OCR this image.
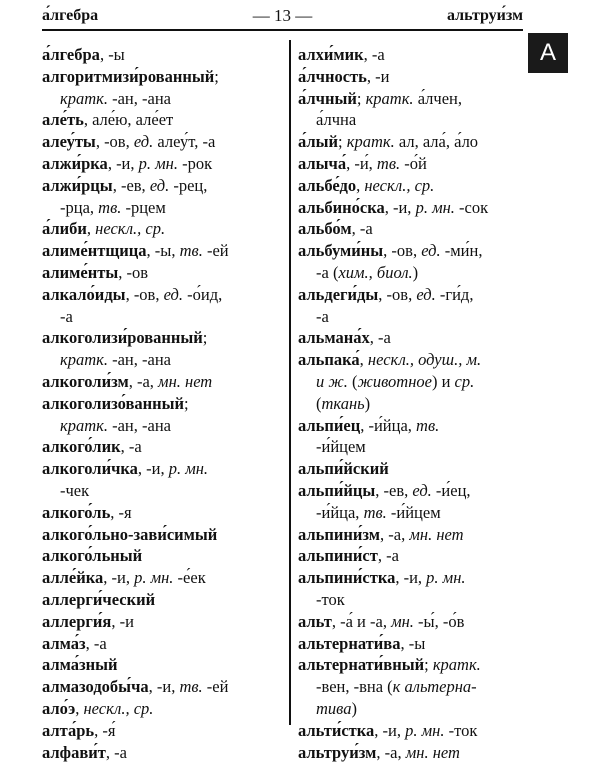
а́лгебра	— 13 —	альтруи́зм
А
а́лгебра, -ы
алгоритмизи́рованный;
кратк. -ан, -ана
але́ть, але́ю, але́ет
алеу́ты, -ов, ед. алеу́т, -а
алжи́рка, -и, р. мн. -рок
алжи́рцы, -ев, ед. -рец,
-рца, тв. -рцем
а́либи, нескл., ср.
алиме́нтщица, -ы, тв. -ей
алиме́нты, -ов
алкало́иды, -ов, ед. -о́ид,
-а
алкоголизи́рованный;
кратк. -ан, -ана
алкоголи́зм, -а, мн. нет
алкоголизо́ванный;
кратк. -ан, -ана
алкого́лик, -а
алкоголи́чка, -и, р. мн.
-чек
алкого́ль, -я
алкого́льно-зави́симый
алкого́льный
алле́йка, -и, р. мн. -е́ек
аллерги́ческий
аллерги́я, -и
алма́з, -а
алма́зный
алмазодобы́ча, -и, тв. -ей
ало́э, нескл., ср.
алта́рь, -я́
алфави́т, -а
алхи́мик, -а
а́лчность, -и
а́лчный; кратк. а́лчен,
а́лчна
а́лый; кратк. ал, ала́, а́ло
алыча́, -и́, тв. -о́й
альбе́до, нескл., ср.
альбино́ска, -и, р. мн. -сок
альбо́м, -а
альбуми́ны, -ов, ед. -ми́н,
-а (хим., биол.)
альдеги́ды, -ов, ед. -ги́д,
-а
альмана́х, -а
альпака́, нескл., одуш., м.
и ж. (животное) и ср.
(ткань)
альпи́ец, -и́йца, тв.
-и́йцем
альпи́йский
альпи́йцы, -ев, ед. -и́ец,
-и́йца, тв. -и́йцем
альпини́зм, -а, мн. нет
альпини́ст, -а
альпини́стка, -и, р. мн.
-ток
альт, -а́ и -а, мн. -ы́, -о́в
альтернати́ва, -ы
альтернати́вный; кратк.
-вен, -вна (к альтерна-
тива)
альти́стка, -и, р. мн. -ток
альтруи́зм, -а, мн. нет
